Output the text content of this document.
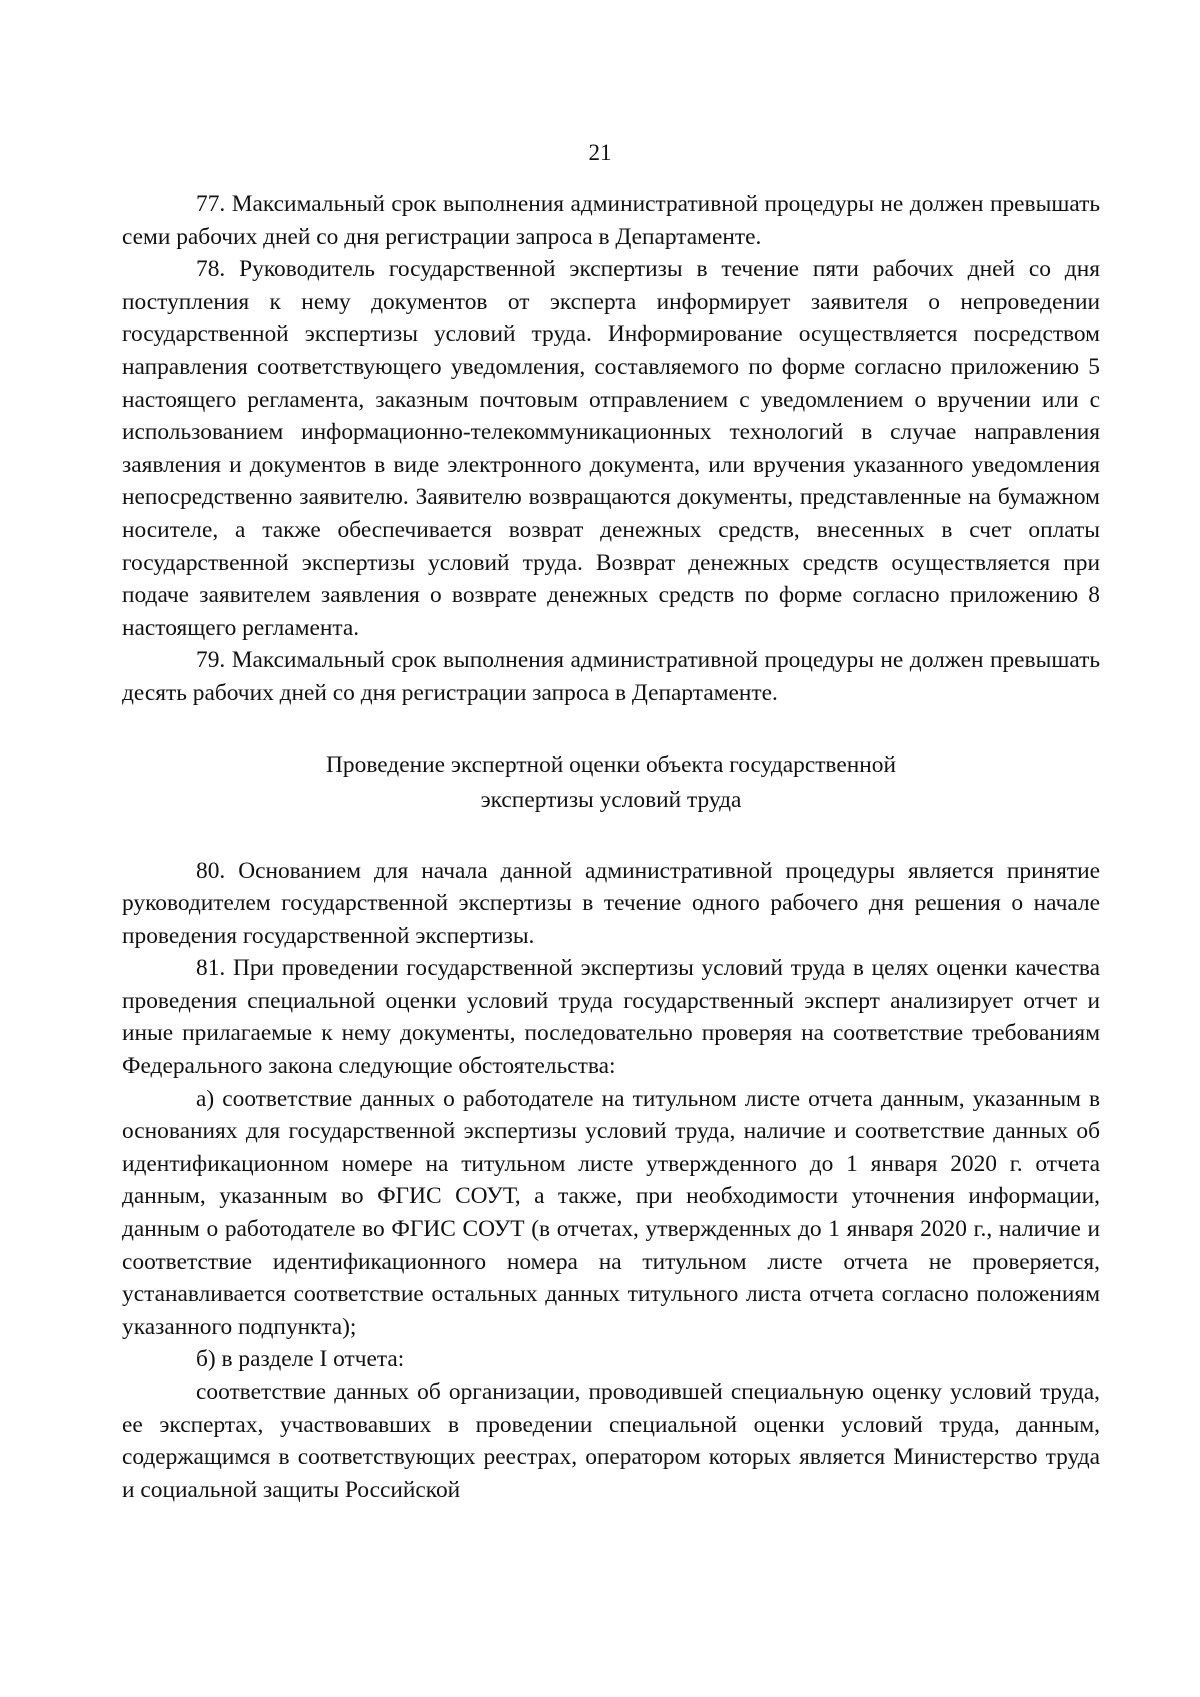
21

77. Максимальный срок выполнения административной процедуры не должен превышать семи рабочих дней со дня регистрации запроса в Департаменте.

78. Руководитель государственной экспертизы в течение пяти рабочих дней со дня поступления к нему документов от эксперта информирует заявителя о непроведении государственной экспертизы условий труда. Информирование осуществляется посредством направления соответствующего уведомления, составляемого по форме согласно приложению 5 настоящего регламента, заказным почтовым отправлением с уведомлением о вручении или с использованием информационно-телекоммуникационных технологий в случае направления заявления и документов в виде электронного документа, или вручения указанного уведомления непосредственно заявителю. Заявителю возвращаются документы, представленные на бумажном носителе, а также обеспечивается возврат денежных средств, внесенных в счет оплаты государственной экспертизы условий труда. Возврат денежных средств осуществляется при подаче заявителем заявления о возврате денежных средств по форме согласно приложению 8 настоящего регламента.

79. Максимальный срок выполнения административной процедуры не должен превышать десять рабочих дней со дня регистрации запроса в Департаменте.

Проведение экспертной оценки объекта государственной
экспертизы условий труда

80. Основанием для начала данной административной процедуры является принятие руководителем государственной экспертизы в течение одного рабочего дня решения о начале проведения государственной экспертизы.

81. При проведении государственной экспертизы условий труда в целях оценки качества проведения специальной оценки условий труда государственный эксперт анализирует отчет и иные прилагаемые к нему документы, последовательно проверяя на соответствие требованиям Федерального закона следующие обстоятельства:

а) соответствие данных о работодателе на титульном листе отчета данным, указанным в основаниях для государственной экспертизы условий труда, наличие и соответствие данных об идентификационном номере на титульном листе утвержденного до 1 января 2020 г. отчета данным, указанным во ФГИС СОУТ, а также, при необходимости уточнения информации, данным о работодателе во ФГИС СОУТ (в отчетах, утвержденных до 1 января 2020 г., наличие и соответствие идентификационного номера на титульном листе отчета не проверяется, устанавливается соответствие остальных данных титульного листа отчета согласно положениям указанного подпункта);

б) в разделе I отчета:

соответствие данных об организации, проводившей специальную оценку условий труда, ее экспертах, участвовавших в проведении специальной оценки условий труда, данным, содержащимся в соответствующих реестрах, оператором которых является Министерство труда и социальной защиты Российской
